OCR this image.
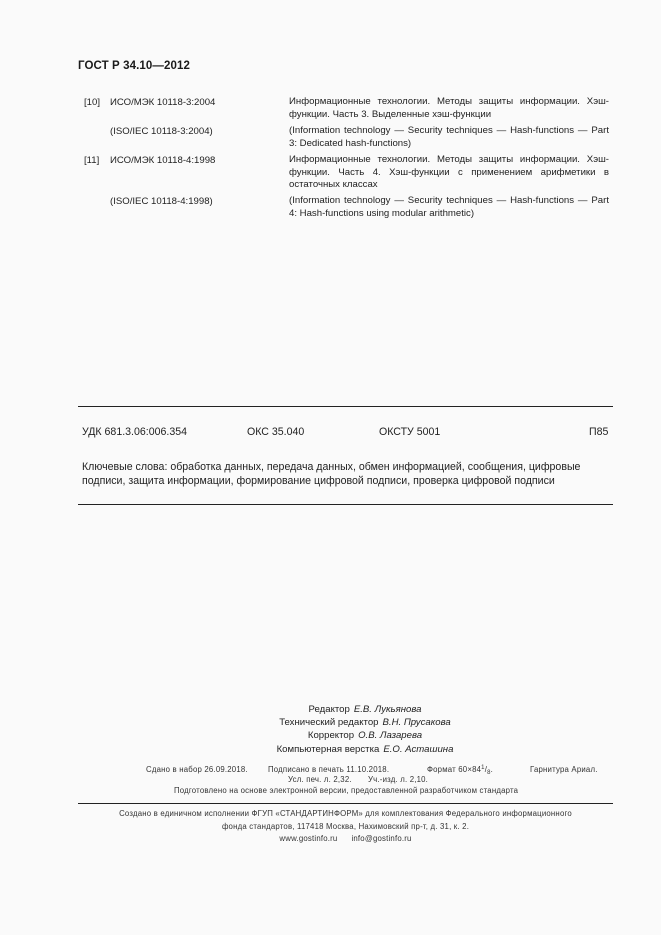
ГОСТ Р 34.10—2012
[10] ИСО/МЭК 10118-3:2004	Информационные технологии. Методы защиты информации. Хэш-функции. Часть 3. Выделенные хэш-функции
(ISO/IEC 10118-3:2004)	(Information technology — Security techniques — Hash-functions — Part 3: Dedicated hash-functions)
[11] ИСО/МЭК 10118-4:1998	Информационные технологии. Методы защиты информации. Хэш-функции. Часть 4. Хэш-функции с применением арифметики в остаточных классах
(ISO/IEC 10118-4:1998)	(Information technology — Security techniques — Hash-functions — Part 4: Hash-functions using modular arithmetic)
УДК 681.3.06:006.354	ОКС 35.040	ОКСТУ 5001	П85
Ключевые слова: обработка данных, передача данных, обмен информацией, сообщения, цифровые подписи, защита информации, формирование цифровой подписи, проверка цифровой подписи
Редактор Е.В. Лукьянова
Технический редактор В.Н. Прусакова
Корректор О.В. Лазарева
Компьютерная верстка Е.О. Асташина
Сдано в набор 26.09.2018.	Подписано в печать 11.10.2018.	Формат $60\times 84^1/_8$.	Гарнитура Ариал.
Усл. печ. л. 2,32. Уч.-изд. л. 2,10.
Подготовлено на основе электронной версии, предоставленной разработчиком стандарта
Создано в единичном исполнении ФГУП «СТАНДАРТИНФОРМ» для комплектования Федерального информационного
фонда стандартов, 117418 Москва, Нахимовский пр-т, д. 31, к. 2.
www.gostinfo.ru info@gostinfo.ru
